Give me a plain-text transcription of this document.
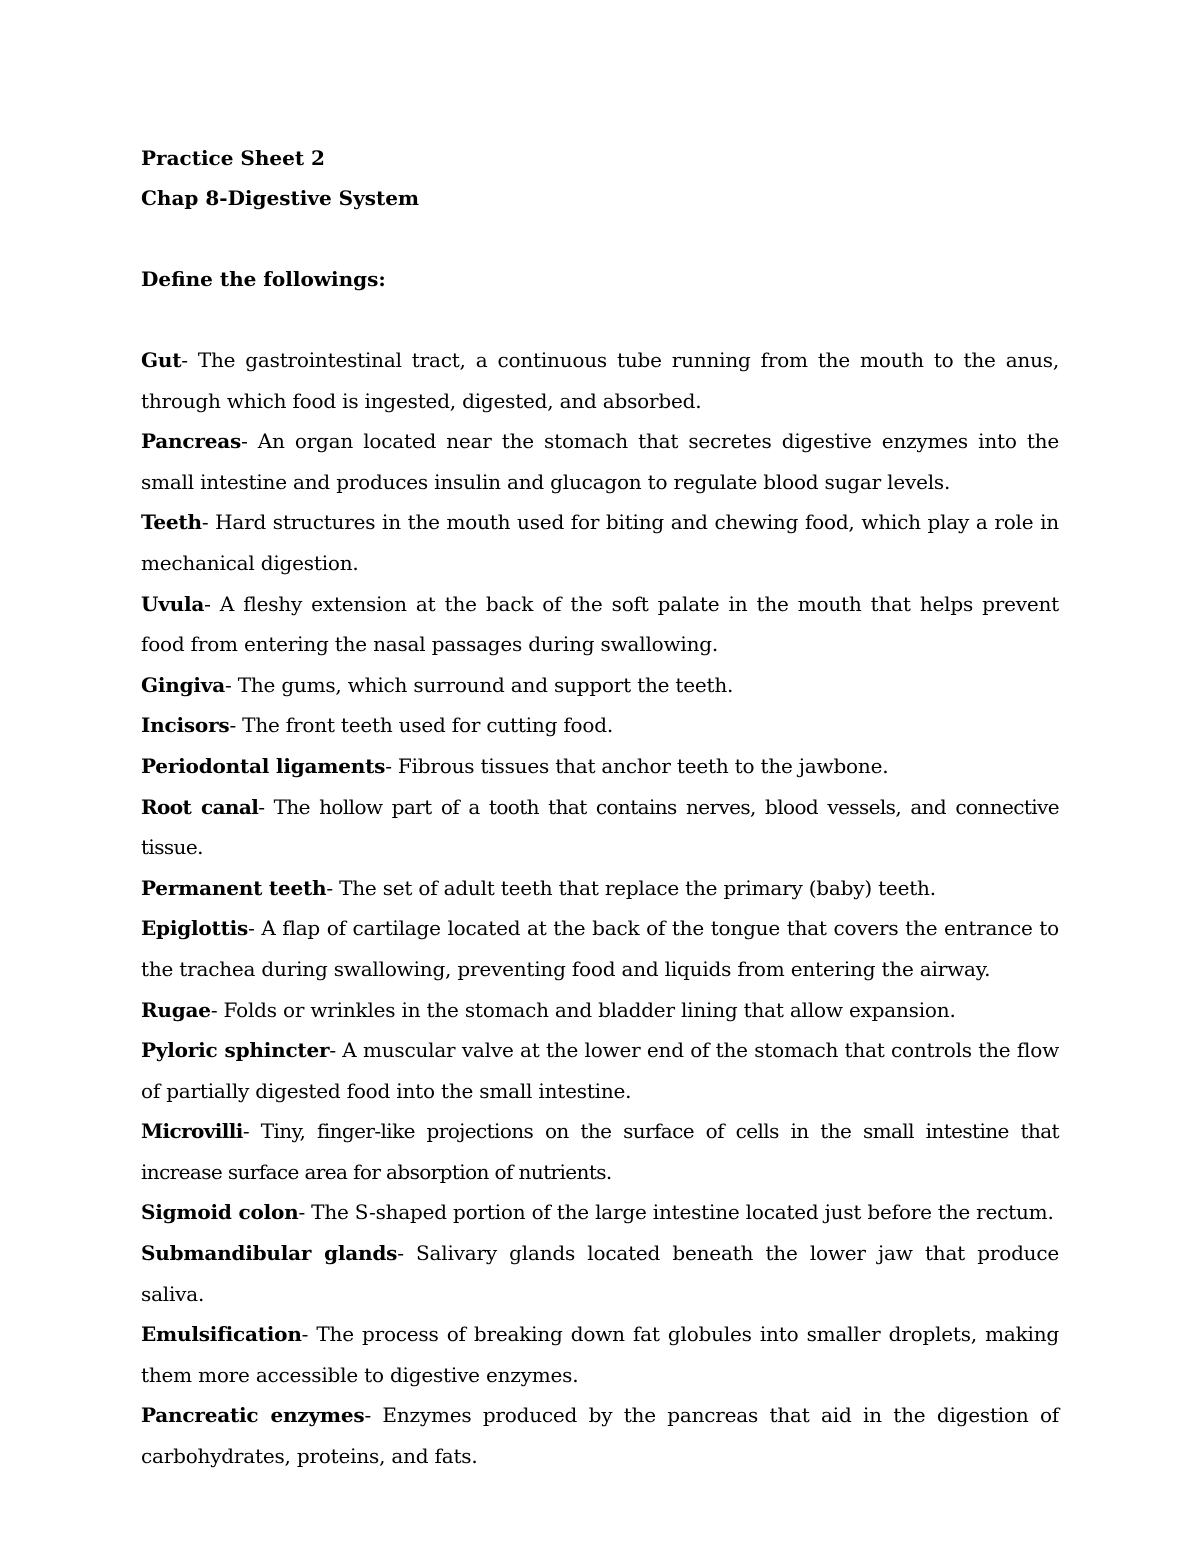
Practice Sheet 2

Chap 8-Digestive System

Define the followings:

Gut- The gastrointestinal tract, a continuous tube running from the mouth to the anus, through which food is ingested, digested, and absorbed.

Pancreas- An organ located near the stomach that secretes digestive enzymes into the small intestine and produces insulin and glucagon to regulate blood sugar levels.

Teeth- Hard structures in the mouth used for biting and chewing food, which play a role in mechanical digestion.

Uvula- A fleshy extension at the back of the soft palate in the mouth that helps prevent food from entering the nasal passages during swallowing.

Gingiva- The gums, which surround and support the teeth.

Incisors- The front teeth used for cutting food.

Periodontal ligaments- Fibrous tissues that anchor teeth to the jawbone.

Root canal- The hollow part of a tooth that contains nerves, blood vessels, and connective tissue.

Permanent teeth- The set of adult teeth that replace the primary (baby) teeth.

Epiglottis- A flap of cartilage located at the back of the tongue that covers the entrance to the trachea during swallowing, preventing food and liquids from entering the airway.

Rugae- Folds or wrinkles in the stomach and bladder lining that allow expansion.

Pyloric sphincter- A muscular valve at the lower end of the stomach that controls the flow of partially digested food into the small intestine.

Microvilli- Tiny, finger-like projections on the surface of cells in the small intestine that increase surface area for absorption of nutrients.

Sigmoid colon- The S-shaped portion of the large intestine located just before the rectum.

Submandibular glands- Salivary glands located beneath the lower jaw that produce saliva.

Emulsification- The process of breaking down fat globules into smaller droplets, making them more accessible to digestive enzymes.

Pancreatic enzymes- Enzymes produced by the pancreas that aid in the digestion of carbohydrates, proteins, and fats.
